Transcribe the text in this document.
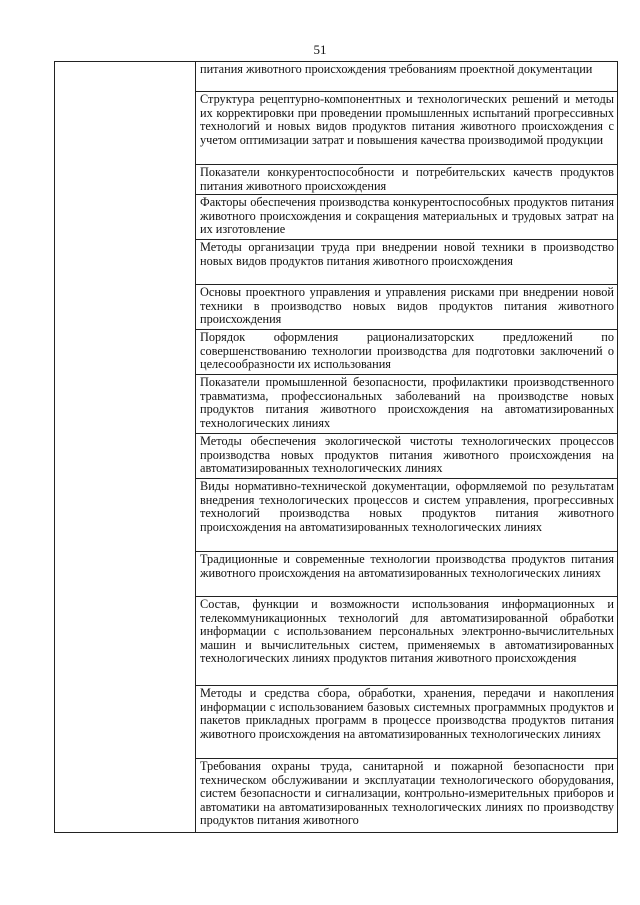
51

питания животного происхождения требованиям проектной документации

Структура рецептурно-компонентных и технологических решений и методы их корректировки при проведении промышленных испытаний прогрессивных технологий и новых видов продуктов питания животного происхождения с учетом оптимизации затрат и повышения качества производимой продукции

Показатели конкурентоспособности и потребительских качеств продуктов питания животного происхождения

Факторы обеспечения производства конкурентоспособных продуктов питания животного происхождения и сокращения материальных и трудовых затрат на их изготовление

Методы организации труда при внедрении новой техники в производство новых видов продуктов питания животного происхождения

Основы проектного управления и управления рисками при внедрении новой техники в производство новых видов продуктов питания животного происхождения

Порядок оформления рационализаторских предложений по совершенствованию технологии производства для подготовки заключений о целесообразности их использования

Показатели промышленной безопасности, профилактики производственного травматизма, профессиональных заболеваний на производстве новых продуктов питания животного происхождения на автоматизированных технологических линиях

Методы обеспечения экологической чистоты технологических процессов производства новых продуктов питания животного происхождения на автоматизированных технологических линиях

Виды нормативно-технической документации, оформляемой по результатам внедрения технологических процессов и систем управления, прогрессивных технологий производства новых продуктов питания животного происхождения на автоматизированных технологических линиях

Традиционные и современные технологии производства продуктов питания животного происхождения на автоматизированных технологических линиях

Состав, функции и возможности использования информационных и телекоммуникационных технологий для автоматизированной обработки информации с использованием персональных электронно-вычислительных машин и вычислительных систем, применяемых в автоматизированных технологических линиях продуктов питания животного происхождения

Методы и средства сбора, обработки, хранения, передачи и накопления информации с использованием базовых системных программных продуктов и пакетов прикладных программ в процессе производства продуктов питания животного происхождения на автоматизированных технологических линиях

Требования охраны труда, санитарной и пожарной безопасности при техническом обслуживании и эксплуатации технологического оборудования, систем безопасности и сигнализации, контрольно-измерительных приборов и автоматики на автоматизированных технологических линиях по производству продуктов питания животного
